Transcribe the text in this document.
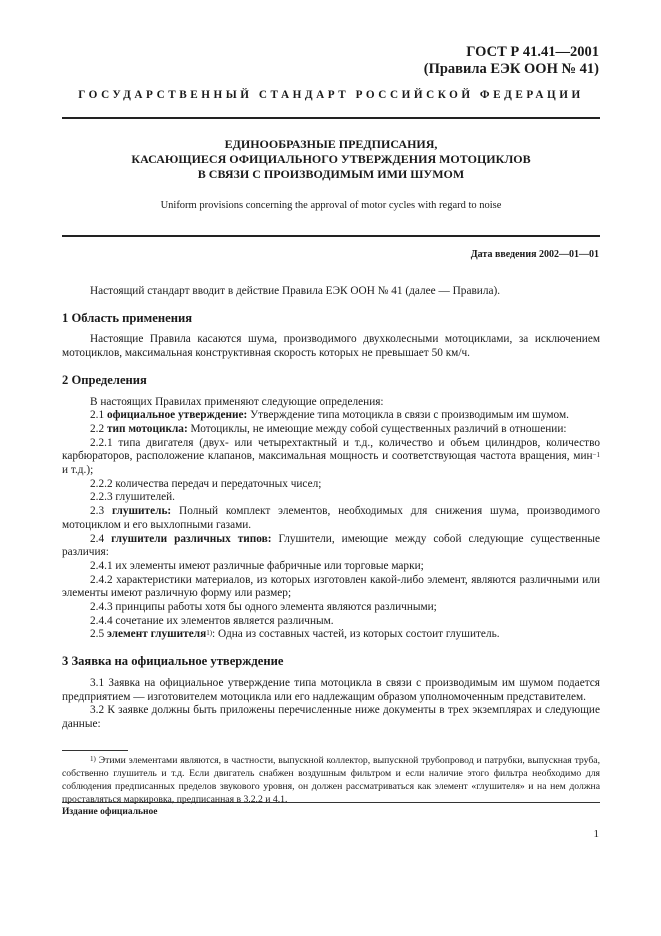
ГОСТ Р 41.41—2001
(Правила ЕЭК ООН № 41)
ГОСУДАРСТВЕННЫЙ СТАНДАРТ РОССИЙСКОЙ ФЕДЕРАЦИИ
ЕДИНООБРАЗНЫЕ ПРЕДПИСАНИЯ,
КАСАЮЩИЕСЯ ОФИЦИАЛЬНОГО УТВЕРЖДЕНИЯ МОТОЦИКЛОВ
В СВЯЗИ С ПРОИЗВОДИМЫМ ИМИ ШУМОМ
Uniform provisions concerning the approval of motor cycles with regard to noise
Дата введения 2002—01—01

Настоящий стандарт вводит в действие Правила ЕЭК ООН № 41 (далее — Правила).

1 Область применения

Настоящие Правила касаются шума, производимого двухколесными мотоциклами, за исключением мотоциклов, максимальная конструктивная скорость которых не превышает 50 км/ч.

2 Определения

В настоящих Правилах применяют следующие определения:

2.1 официальное утверждение: Утверждение типа мотоцикла в связи с производимым им шумом.

2.2 тип мотоцикла: Мотоциклы, не имеющие между собой существенных различий в отношении:

2.2.1 типа двигателя (двух- или четырехтактный и т.д., количество и объем цилиндров, количество карбюраторов, расположение клапанов, максимальная мощность и соответствующая частота вращения, мин$^{-1}$ и т.д.);

2.2.2 количества передач и передаточных чисел;

2.2.3 глушителей.

2.3 глушитель: Полный комплект элементов, необходимых для снижения шума, производимого мотоциклом и его выхлопными газами.

2.4 глушители различных типов: Глушители, имеющие между собой следующие существенные различия:

2.4.1 их элементы имеют различные фабричные или торговые марки;

2.4.2 характеристики материалов, из которых изготовлен какой-либо элемент, являются различными или элементы имеют различную форму или размер;

2.4.3 принципы работы хотя бы одного элемента являются различными;

2.4.4 сочетание их элементов является различным.

2.5 элемент глушителя$^{1)}$: Одна из составных частей, из которых состоит глушитель.

3 Заявка на официальное утверждение

3.1 Заявка на официальное утверждение типа мотоцикла в связи с производимым им шумом подается предприятием — изготовителем мотоцикла или его надлежащим образом уполномоченным представителем.

3.2 К заявке должны быть приложены перечисленные ниже документы в трех экземплярах и следующие данные:

$^{1)}$ Этими элементами являются, в частности, выпускной коллектор, выпускной трубопровод и патрубки, выпускная труба, собственно глушитель и т.д. Если двигатель снабжен воздушным фильтром и если наличие этого фильтра необходимо для соблюдения предписанных пределов звукового уровня, он должен рассматриваться как элемент «глушителя» и на нем должна проставляться маркировка, предписанная в 3.2.2 и 4.1.

Издание официальное
1
